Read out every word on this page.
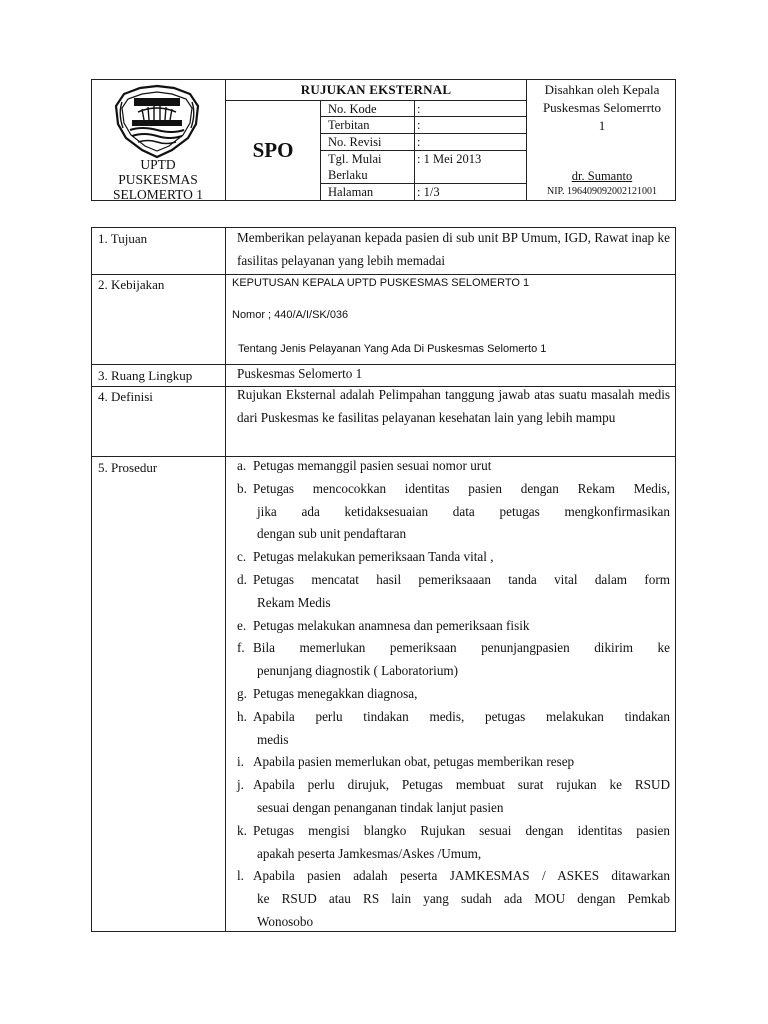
UPTD
PUSKESMAS
SELOMERTO 1
RUJUKAN EKSTERNAL
SPO
No. Kode	:
Terbitan	:
No. Revisi	:
Tgl. Mulai	: 1 Mei 2013
Berlaku
Halaman	: 1/3
Disahkan oleh Kepala
Puskesmas Selomerrto
1
dr. Sumanto
NIP. 196409092002121001
1. Tujuan	Memberikan pelayanan kepada pasien di sub unit BP Umum, IGD, Rawat inap ke fasilitas pelayanan yang lebih memadai
2. Kebijakan	KEPUTUSAN KEPALA UPTD PUSKESMAS SELOMERTO 1
Nomor ; 440/A/I/SK/036
Tentang Jenis Pelayanan Yang Ada Di Puskesmas Selomerto 1
3. Ruang Lingkup	Puskesmas Selomerto 1
4. Definisi	Rujukan Eksternal adalah Pelimpahan tanggung jawab atas suatu masalah medis dari Puskesmas ke fasilitas pelayanan kesehatan lain yang lebih mampu
5. Prosedur	a. Petugas memanggil pasien sesuai nomor urut
b. Petugas mencocokkan identitas pasien dengan Rekam Medis,
jika ada ketidaksesuaian data petugas mengkonfirmasikan
dengan sub unit pendaftaran
c. Petugas melakukan pemeriksaan Tanda vital ,
d. Petugas mencatat hasil pemeriksaaan tanda vital dalam form
Rekam Medis
e. Petugas melakukan anamnesa dan pemeriksaan fisik
f. Bila memerlukan pemeriksaan penunjangpasien dikirim ke
penunjang diagnostik ( Laboratorium)
g. Petugas menegakkan diagnosa,
h. Apabila perlu tindakan medis, petugas melakukan tindakan
medis
i. Apabila pasien memerlukan obat, petugas memberikan resep
j. Apabila perlu dirujuk, Petugas membuat surat rujukan ke RSUD
sesuai dengan penanganan tindak lanjut pasien
k. Petugas mengisi blangko Rujukan sesuai dengan identitas pasien
apakah peserta Jamkesmas/Askes /Umum,
l. Apabila pasien adalah peserta JAMKESMAS / ASKES ditawarkan
ke RSUD atau RS lain yang sudah ada MOU dengan Pemkab
Wonosobo
